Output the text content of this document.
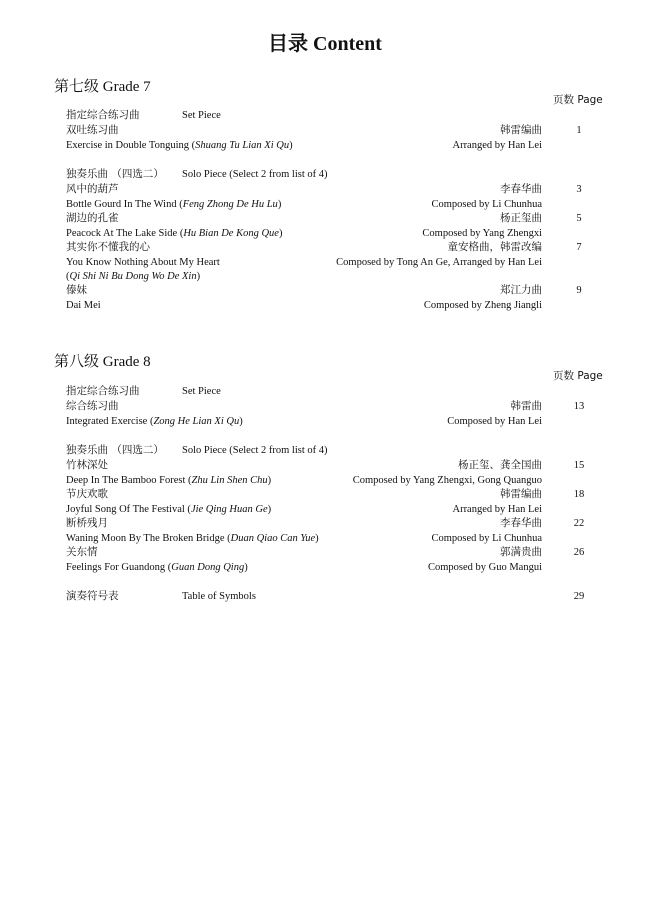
目录 Content
第七级 Grade 7
页数 Page
指定综合练习曲	Set Piece
双吐练习曲	韩雷编曲	1
Exercise in Double Tonguing (Shuang Tu Lian Xi Qu)	Arranged by Han Lei
独奏乐曲 （四选二） Solo Piece (Select 2 from list of 4)
风中的葫芦	李春华曲	3
Bottle Gourd In The Wind (Feng Zhong De Hu Lu)	Composed by Li Chunhua
湖边的孔雀	杨正玺曲	5
Peacock At The Lake Side (Hu Bian De Kong Que)	Composed by Yang Zhengxi
其实你不懂我的心	童安格曲，韩雷改编	7
You Know Nothing About My Heart	Composed by Tong An Ge, Arranged by Han Lei
(Qi Shi Ni Bu Dong Wo De Xin)
傣妹	郑江力曲	9
Dai Mei	Composed by Zheng Jiangli
第八级 Grade 8
页数 Page
指定综合练习曲	Set Piece
综合练习曲	韩雷曲	13
Integrated Exercise (Zong He Lian Xi Qu)	Composed by Han Lei
独奏乐曲 （四选二） Solo Piece (Select 2 from list of 4)
竹林深处	杨正玺、龚全国曲	15
Deep In The Bamboo Forest (Zhu Lin Shen Chu)	Composed by Yang Zhengxi, Gong Quanguo
节庆欢歌	韩雷编曲	18
Joyful Song Of The Festival (Jie Qing Huan Ge)	Arranged by Han Lei
断桥残月	李春华曲	22
Waning Moon By The Broken Bridge (Duan Qiao Can Yue)	Composed by Li Chunhua
关东情	郭满贵曲	26
Feelings For Guandong (Guan Dong Qing)	Composed by Guo Mangui
演奏符号表	Table of Symbols	29
